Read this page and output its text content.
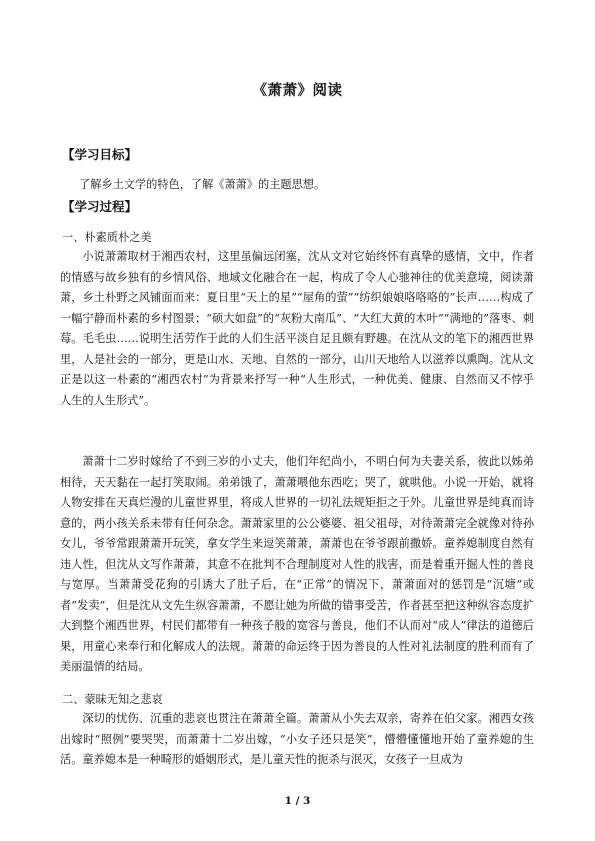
《萧萧》阅读
【学习目标】
了解乡土文学的特色，了解《萧萧》的主题思想。
【学习过程】
一、朴素质朴之美

小说萧萧取材于湘西农村，这里虽偏远闭塞，沈从文对它始终怀有真挚的感情，文中，作者的情感与故乡独有的乡情风俗、地域文化融合在一起，构成了令人心驰神往的优美意境，阅读萧萧，乡土朴野之风铺面而来：夏日里“天上的星”“屋角的萤”“纺织娘娘咯咯咯的”长声……构成了一幅宁静而朴素的乡村图景；“硕大如盘”的“灰粉大南瓜”、“大红大黄的木叶”“满地的”落枣、刺莓。毛毛虫……说明生活劳作于此的人们生活平淡自足且颇有野趣。在沈从文的笔下的湘西世界里，人是社会的一部分，更是山水、天地、自然的一部分，山川天地给人以滋养以熏陶。沈从文正是以这一朴素的“湘西农村”为背景来抒写一种“人生形式，一种优美、健康、自然而又不悖乎人生的人生形式”。

萧萧十二岁时嫁给了不到三岁的小丈夫，他们年纪尚小，不明白何为夫妻关系，彼此以姊弟相待，天天黏在一起打笑取闹。弟弟饿了，萧萧喂他东西吃；哭了，就哄他。小说一开始，就将人物安排在天真烂漫的儿童世界里，将成人世界的一切礼法规矩拒之于外。儿童世界是纯真而诗意的，两小孩关系未带有任何杂念。萧萧家里的公公婆婆、祖父祖母，对待萧萧完全就像对待孙女儿，爷爷常跟萧萧开玩笑，拿女学生来逗笑萧萧，萧萧也在爷爷跟前撒娇。童养媳制度自然有违人性，但沈从文写作萧萧，其意不在批判不合理制度对人性的戕害，而是着重开掘人性的善良与宽厚。当萧萧受花狗的引诱大了肚子后，在“正常”的情况下，萧萧面对的惩罚是“沉塘”或者“发卖”，但是沈从文先生纵容萧萧，不愿让她为所做的错事受苦，作者甚至把这种纵容态度扩大到整个湘西世界，村民们都带有一种孩子般的宽容与善良，他们不认而对“成人”律法的道德后果，用童心来奉行和化解成人的法规。萧萧的命运终于因为善良的人性对礼法制度的胜利而有了美丽温情的结局。

二、蒙昧无知之悲哀

深切的忧伤、沉重的悲哀也贯注在萧萧全篇。萧萧从小失去双亲，寄养在伯父家。湘西女孩出嫁时“照例”要哭哭，而萧萧十二岁出嫁，“小女子还只是笑”，懵懵懂懂地开始了童养媳的生活。童养媳本是一种畸形的婚姻形式，是儿童天性的扼杀与泯灭，女孩子一旦成为

1 / 3
